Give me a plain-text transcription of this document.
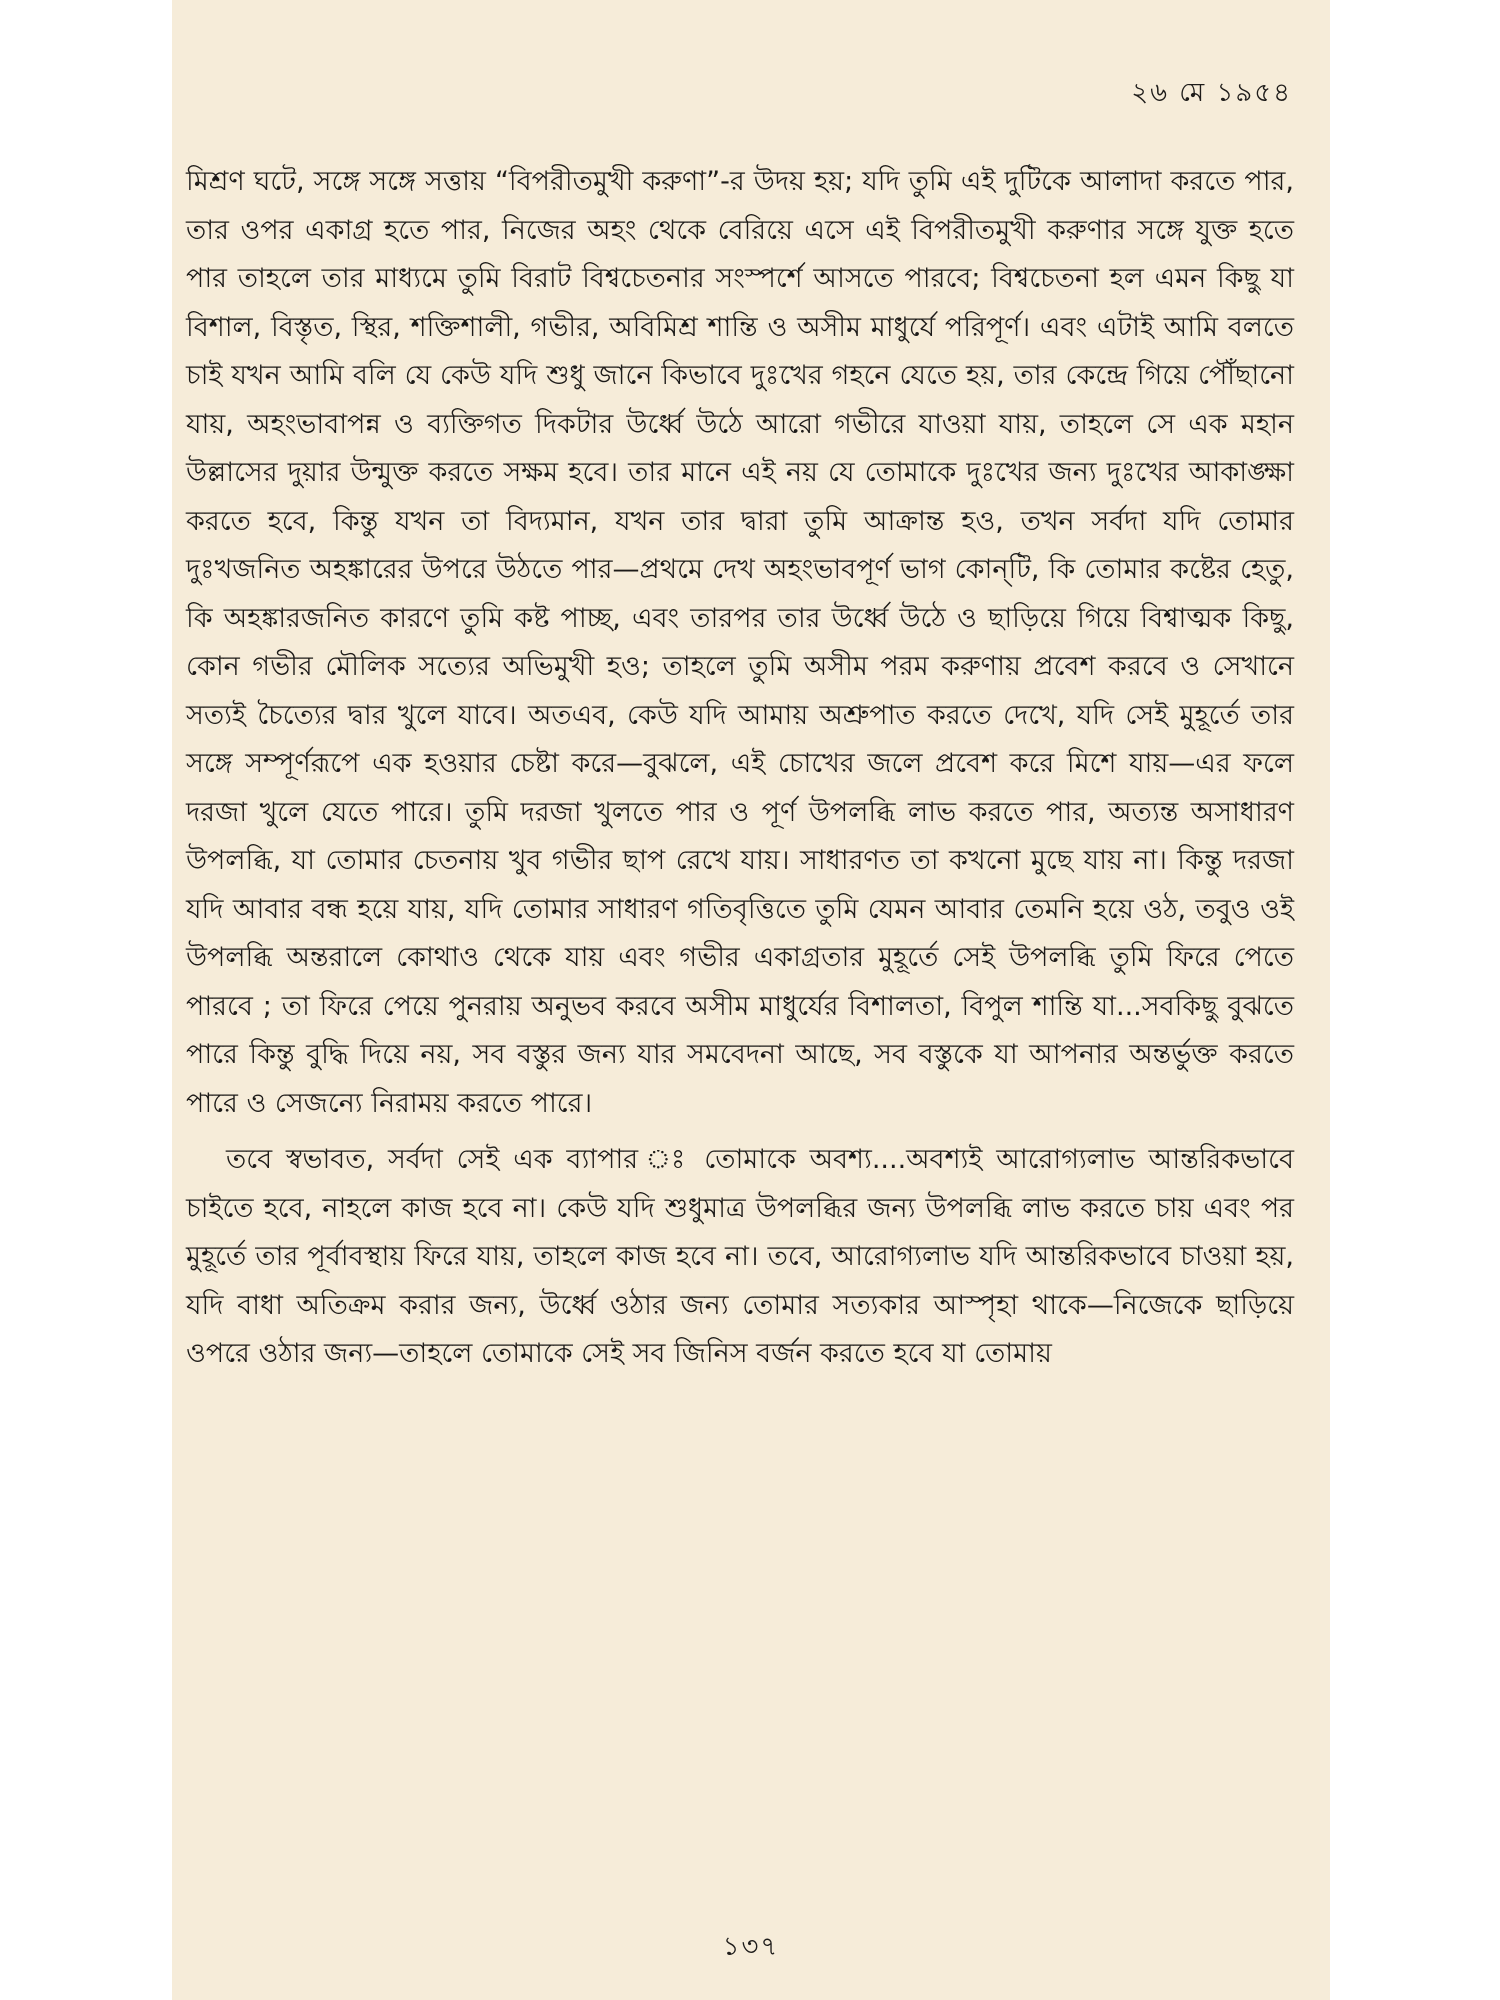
২৬ মে ১৯৫৪

মিশ্রণ ঘটে, সঙ্গে সঙ্গে সত্তায় “বিপরীতমুখী করুণা”-র উদয় হয়; যদি তুমি এই দুটিকে আলাদা করতে পার, তার ওপর একাগ্র হতে পার, নিজের অহং থেকে বেরিয়ে এসে এই বিপরীতমুখী করুণার সঙ্গে যুক্ত হতে পার তাহলে তার মাধ্যমে তুমি বিরাট বিশ্বচেতনার সংস্পর্শে আসতে পারবে; বিশ্বচেতনা হল এমন কিছু যা বিশাল, বিস্তৃত, স্থির, শক্তিশালী, গভীর, অবিমিশ্র শান্তি ও অসীম মাধুর্যে পরিপূর্ণ। এবং এটাই আমি বলতে চাই যখন আমি বলি যে কেউ যদি শুধু জানে কিভাবে দুঃখের গহনে যেতে হয়, তার কেন্দ্রে গিয়ে পৌঁছানো যায়, অহংভাবাপন্ন ও ব্যক্তিগত দিকটার উর্ধ্বে উঠে আরো গভীরে যাওয়া যায়, তাহলে সে এক মহান উল্লাসের দুয়ার উন্মুক্ত করতে সক্ষম হবে। তার মানে এই নয় যে তোমাকে দুঃখের জন্য দুঃখের আকাঙ্ক্ষা করতে হবে, কিন্তু যখন তা বিদ্যমান, যখন তার দ্বারা তুমি আক্রান্ত হও, তখন সর্বদা যদি তোমার দুঃখজনিত অহঙ্কারের উপরে উঠতে পার—প্রথমে দেখ অহংভাবপূর্ণ ভাগ কোন্‌টি, কি তোমার কষ্টের হেতু, কি অহঙ্কারজনিত কারণে তুমি কষ্ট পাচ্ছ, এবং তারপর তার উর্ধ্বে উঠে ও ছাড়িয়ে গিয়ে বিশ্বাত্মক কিছু, কোন গভীর মৌলিক সত্যের অভিমুখী হও; তাহলে তুমি অসীম পরম করুণায় প্রবেশ করবে ও সেখানে সত্যই চৈত্যের দ্বার খুলে যাবে। অতএব, কেউ যদি আমায় অশ্রুপাত করতে দেখে, যদি সেই মুহূর্তে তার সঙ্গে সম্পূর্ণরূপে এক হওয়ার চেষ্টা করে—বুঝলে, এই চোখের জলে প্রবেশ করে মিশে যায়—এর ফলে দরজা খুলে যেতে পারে। তুমি দরজা খুলতে পার ও পূর্ণ উপলব্ধি লাভ করতে পার, অত্যন্ত অসাধারণ উপলব্ধি, যা তোমার চেতনায় খুব গভীর ছাপ রেখে যায়। সাধারণত তা কখনো মুছে যায় না। কিন্তু দরজা যদি আবার বন্ধ হয়ে যায়, যদি তোমার সাধারণ গতিবৃত্তিতে তুমি যেমন আবার তেমনি হয়ে ওঠ, তবুও ওই উপলব্ধি অন্তরালে কোথাও থেকে যায় এবং গভীর একাগ্রতার মুহূর্তে সেই উপলব্ধি তুমি ফিরে পেতে পারবে ; তা ফিরে পেয়ে পুনরায় অনুভব করবে অসীম মাধুর্যের বিশালতা, বিপুল শান্তি যা...সবকিছু বুঝতে পারে কিন্তু বুদ্ধি দিয়ে নয়, সব বস্তুর জন্য যার সমবেদনা আছে, সব বস্তুকে যা আপনার অন্তর্ভুক্ত করতে পারে ও সেজন্যে নিরাময় করতে পারে।

তবে স্বভাবত, সর্বদা সেই এক ব্যাপার ঃ তোমাকে অবশ্য....অবশ্যই আরোগ্যলাভ আন্তরিকভাবে চাইতে হবে, নাহলে কাজ হবে না। কেউ যদি শুধুমাত্র উপলব্ধির জন্য উপলব্ধি লাভ করতে চায় এবং পর মুহূর্তে তার পূর্বাবস্থায় ফিরে যায়, তাহলে কাজ হবে না। তবে, আরোগ্যলাভ যদি আন্তরিকভাবে চাওয়া হয়, যদি বাধা অতিক্রম করার জন্য, উর্ধ্বে ওঠার জন্য তোমার সত্যকার আস্পৃহা থাকে—নিজেকে ছাড়িয়ে ওপরে ওঠার জন্য—তাহলে তোমাকে সেই সব জিনিস বর্জন করতে হবে যা তোমায়

১৩৭
